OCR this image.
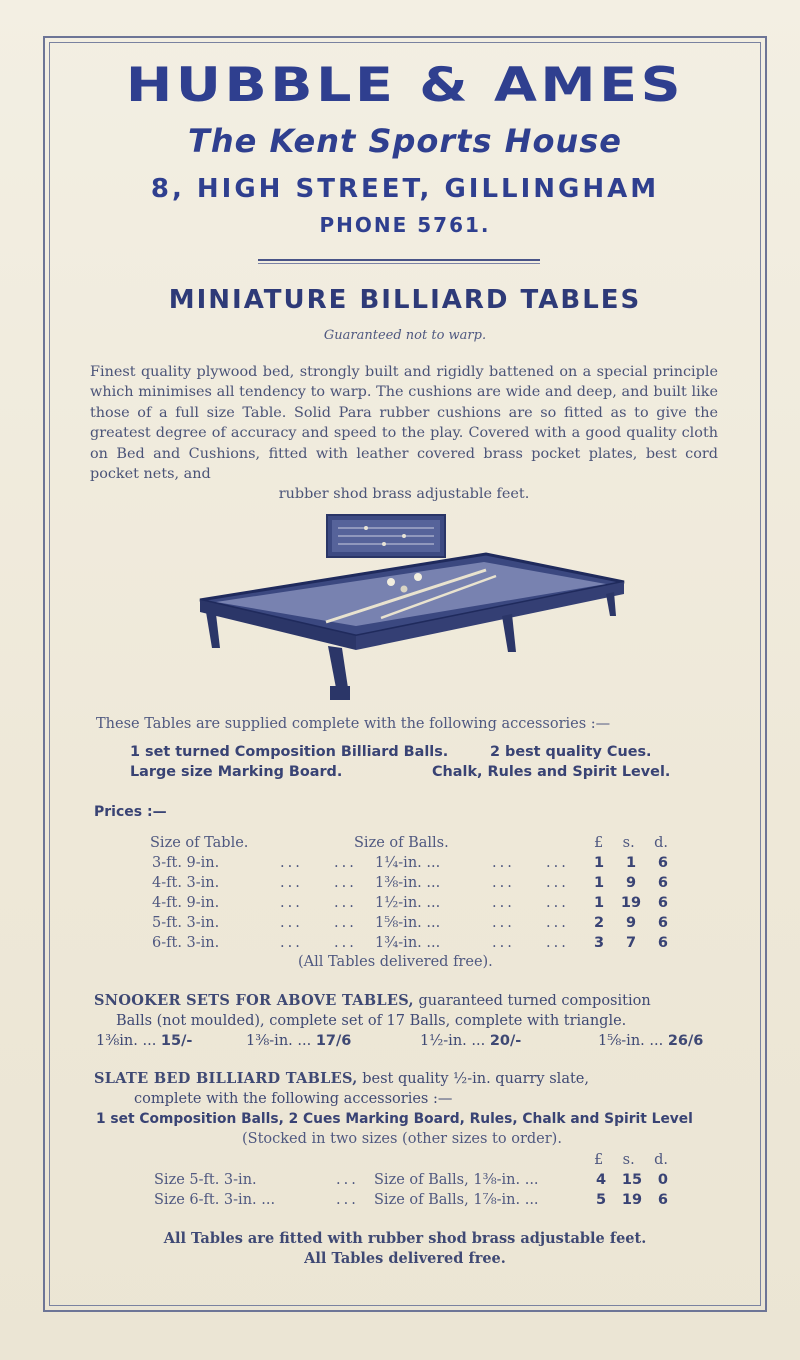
HUBBLE & AMES
The Kent Sports House
8, HIGH STREET, GILLINGHAM
PHONE 5761.
MINIATURE BILLIARD TABLES
Guaranteed not to warp.
Finest quality plywood bed, strongly built and rigidly battened on a special principle which minimises all tendency to warp. The cushions are wide and deep, and built like those of a full size Table. Solid Para rubber cushions are so fitted as to give the greatest degree of accuracy and speed to the play. Covered with a good quality cloth on Bed and Cushions, fitted with leather covered brass pocket plates, best cord pocket nets, and
rubber shod brass adjustable feet.
These Tables are supplied complete with the following accessories :—
1 set turned Composition Billiard Balls.	2 best quality Cues.
Large size Marking Board.	Chalk, Rules and Spirit Level.
Prices :—
Size of Table.	Size of Balls.	£ s. d.
3-ft. 9-in.	... ... 1¼-in. ...	... ... 1 1 6
4-ft. 3-in.	... ... 1⅜-in. ...	... ... 1 9 6
4-ft. 9-in.	... ... 1½-in. ...	... ... 1 19 6
5-ft. 3-in.	... ... 1⅝-in. ...	... ... 2 9 6
6-ft. 3-in.	... ... 1¾-in. ...	... ... 3 7 6
(All Tables delivered free).
SNOOKER SETS FOR ABOVE TABLES, guaranteed turned composition
Balls (not moulded), complete set of 17 Balls, complete with triangle.
1⅜in. ... 15/-	1⅜-in. ... 17/6	1½-in. ... 20/-	1⅝-in. ... 26/6
SLATE BED BILLIARD TABLES, best quality ½-in. quarry slate,
complete with the following accessories :—
1 set Composition Balls, 2 Cues Marking Board, Rules, Chalk and Spirit Level
(Stocked in two sizes (other sizes to order).
£ s. d.
Size 5-ft. 3-in.	... Size of Balls, 1⅜-in. ...	4 15 0
Size 6-ft. 3-in. ...	... Size of Balls, 1⅞-in. ...	5 19 6
All Tables are fitted with rubber shod brass adjustable feet.
All Tables delivered free.
